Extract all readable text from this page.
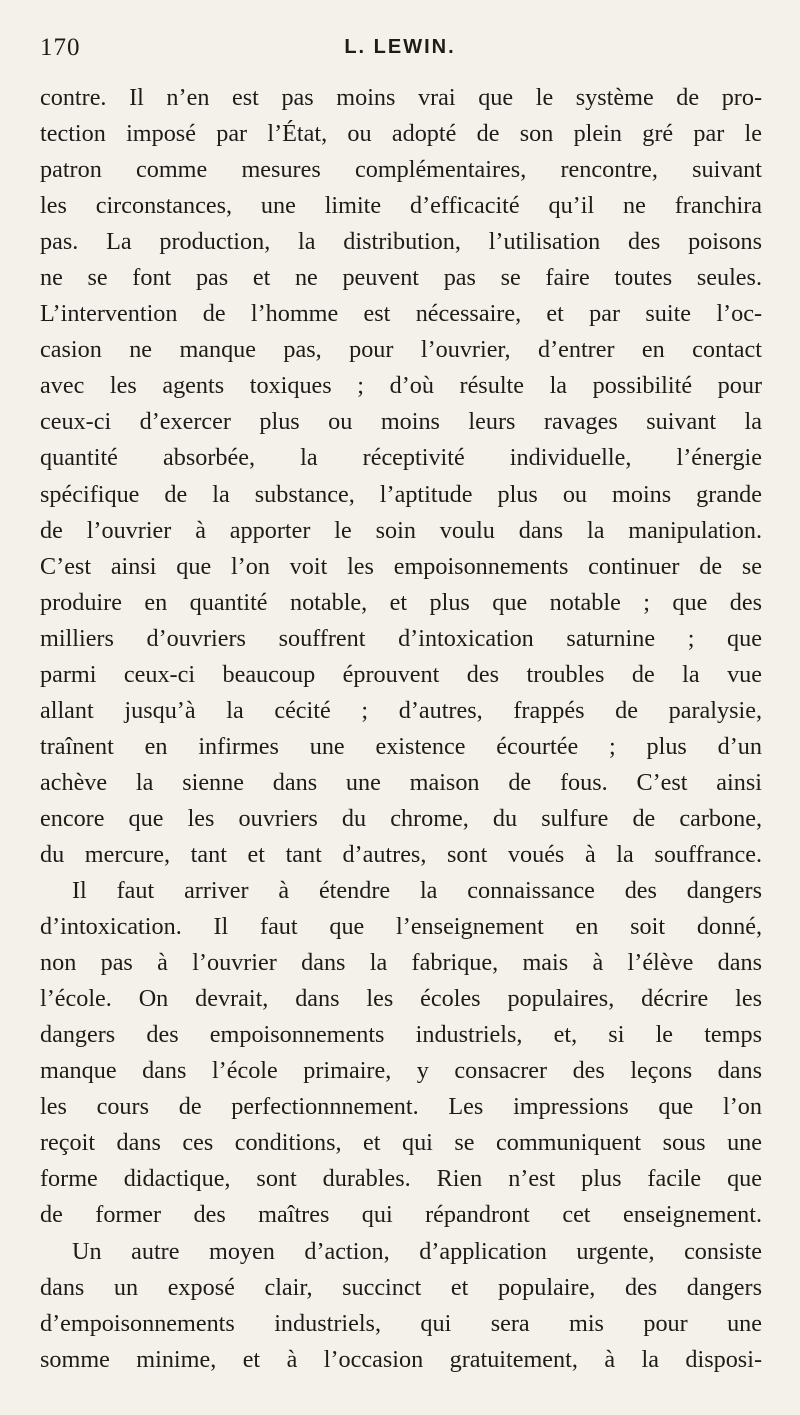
170	L. LEWIN.
contre. Il n’en est pas moins vrai que le système de pro-
tection imposé par l’État, ou adopté de son plein gré par le
patron comme mesures complémentaires, rencontre, suivant
les circonstances, une limite d’efficacité qu’il ne franchira
pas. La production, la distribution, l’utilisation des poisons
ne se font pas et ne peuvent pas se faire toutes seules.
L’intervention de l’homme est nécessaire, et par suite l’oc-
casion ne manque pas, pour l’ouvrier, d’entrer en contact
avec les agents toxiques ; d’où résulte la possibilité pour
ceux-ci d’exercer plus ou moins leurs ravages suivant la
quantité absorbée, la réceptivité individuelle, l’énergie
spécifique de la substance, l’aptitude plus ou moins grande
de l’ouvrier à apporter le soin voulu dans la manipulation.
C’est ainsi que l’on voit les empoisonnements continuer de se
produire en quantité notable, et plus que notable ; que des
milliers d’ouvriers souffrent d’intoxication saturnine ; que
parmi ceux-ci beaucoup éprouvent des troubles de la vue
allant jusqu’à la cécité ; d’autres, frappés de paralysie,
traînent en infirmes une existence écourtée ; plus d’un
achève la sienne dans une maison de fous. C’est ainsi
encore que les ouvriers du chrome, du sulfure de carbone,
du mercure, tant et tant d’autres, sont voués à la souffrance.
Il faut arriver à étendre la connaissance des dangers
d’intoxication. Il faut que l’enseignement en soit donné,
non pas à l’ouvrier dans la fabrique, mais à l’élève dans
l’école. On devrait, dans les écoles populaires, décrire les
dangers des empoisonnements industriels, et, si le temps
manque dans l’école primaire, y consacrer des leçons dans
les cours de perfectionnnement. Les impressions que l’on
reçoit dans ces conditions, et qui se communiquent sous une
forme didactique, sont durables. Rien n’est plus facile que
de former des maîtres qui répandront cet enseignement.
Un autre moyen d’action, d’application urgente, consiste
dans un exposé clair, succinct et populaire, des dangers
d’empoisonnements industriels, qui sera mis pour une
somme minime, et à l’occasion gratuitement, à la disposi-
